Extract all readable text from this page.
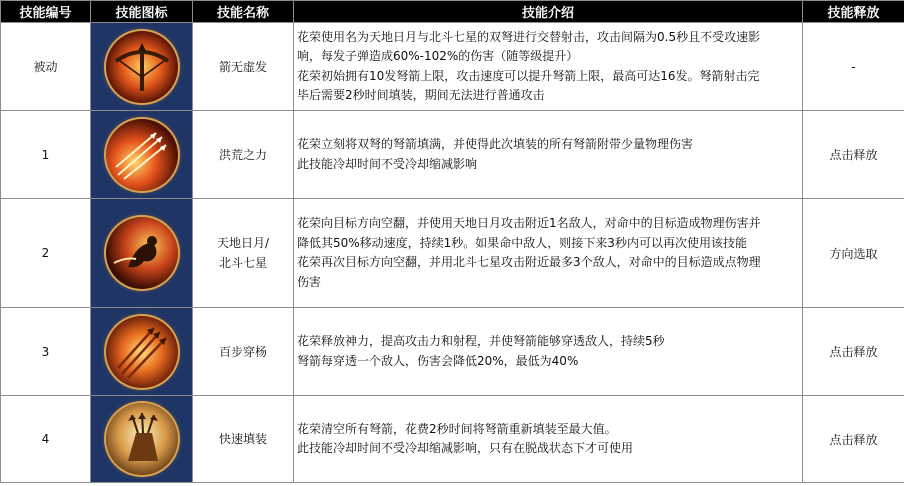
技能编号	技能图标	技能名称	技能介绍	技能释放
被动		箭无虚发	花荣使用名为天地日月与北斗七星的双弩进行交替射击，攻击间隔为0.5秒且不受攻速影
响，每发子弹造成60%-102%的伤害（随等级提升）
花荣初始拥有10发弩箭上限，攻击速度可以提升弩箭上限，最高可达16发。弩箭射击完
毕后需要2秒时间填装，期间无法进行普通攻击	-
1		洪荒之力	花荣立刻将双弩的弩箭填满，并使得此次填装的所有弩箭附带少量物理伤害
此技能冷却时间不受冷却缩减影响	点击释放
2		天地日月/
北斗七星	花荣向目标方向空翻，并使用天地日月攻击附近1名敌人，对命中的目标造成物理伤害并
降低其50%移动速度，持续1秒。如果命中敌人，则接下来3秒内可以再次使用该技能
花荣再次目标方向空翻，并用北斗七星攻击附近最多3个敌人，对命中的目标造成点物理
伤害	方向选取
3		百步穿杨	花荣释放神力，提高攻击力和射程，并使弩箭能够穿透敌人，持续5秒
弩箭每穿透一个敌人，伤害会降低20%，最低为40%	点击释放
4		快速填装	花荣清空所有弩箭，花费2秒时间将弩箭重新填装至最大值。
此技能冷却时间不受冷却缩减影响，只有在脱战状态下才可使用	点击释放
